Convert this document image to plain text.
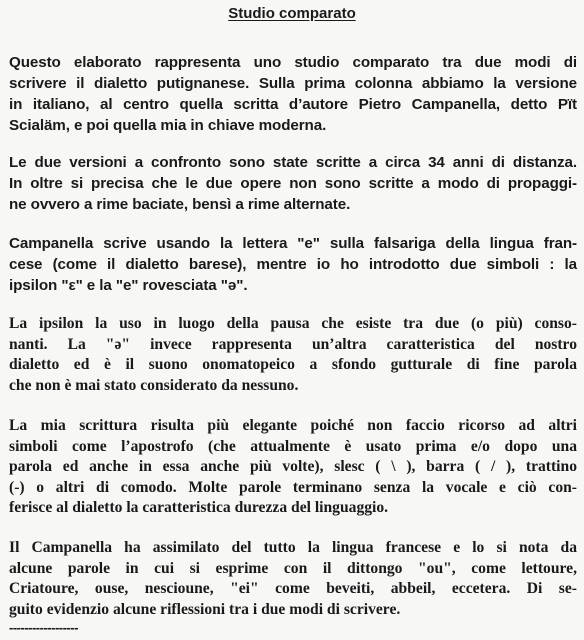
Studio comparato
Questo elaborato rappresenta uno studio comparato tra due modi di
scrivere il dialetto putignanese. Sulla prima colonna abbiamo la versione
in italiano, al centro quella scritta d’autore Pietro Campanella, detto Pït
Scialäm, e poi quella mia in chiave moderna.
Le due versioni a confronto sono state scritte a circa 34 anni di distanza.
In oltre si precisa che le due opere non sono scritte a modo di propaggi-
ne ovvero a rime baciate, bensì a rime alternate.
Campanella scrive usando la lettera "e" sulla falsariga della lingua fran-
cese (come il dialetto barese), mentre io ho introdotto due simboli : la
ipsilon "ε" e la "e" rovesciata "ə".
La ipsilon la uso in luogo della pausa che esiste tra due (o più) conso-
nanti. La "ə" invece rappresenta un’altra caratteristica del nostro
dialetto ed è il suono onomatopeico a sfondo gutturale di fine parola
che non è mai stato considerato da nessuno.
La mia scrittura risulta più elegante poiché non faccio ricorso ad altri
simboli come l’apostrofo (che attualmente è usato prima e/o dopo una
parola ed anche in essa anche più volte), slesc ( \ ), barra ( / ), trattino
(-) o altri di comodo. Molte parole terminano senza la vocale e ciò con-
ferisce al dialetto la caratteristica durezza del linguaggio.
Il Campanella ha assimilato del tutto la lingua francese e lo si nota da
alcune parole in cui si esprime con il dittongo "ou", come lettoure,
Criatoure, ouse, nescioune, "ei" come beveiti, abbeil, eccetera. Di se-
guito evidenzio alcune riflessioni tra i due modi di scrivere.
------------------
